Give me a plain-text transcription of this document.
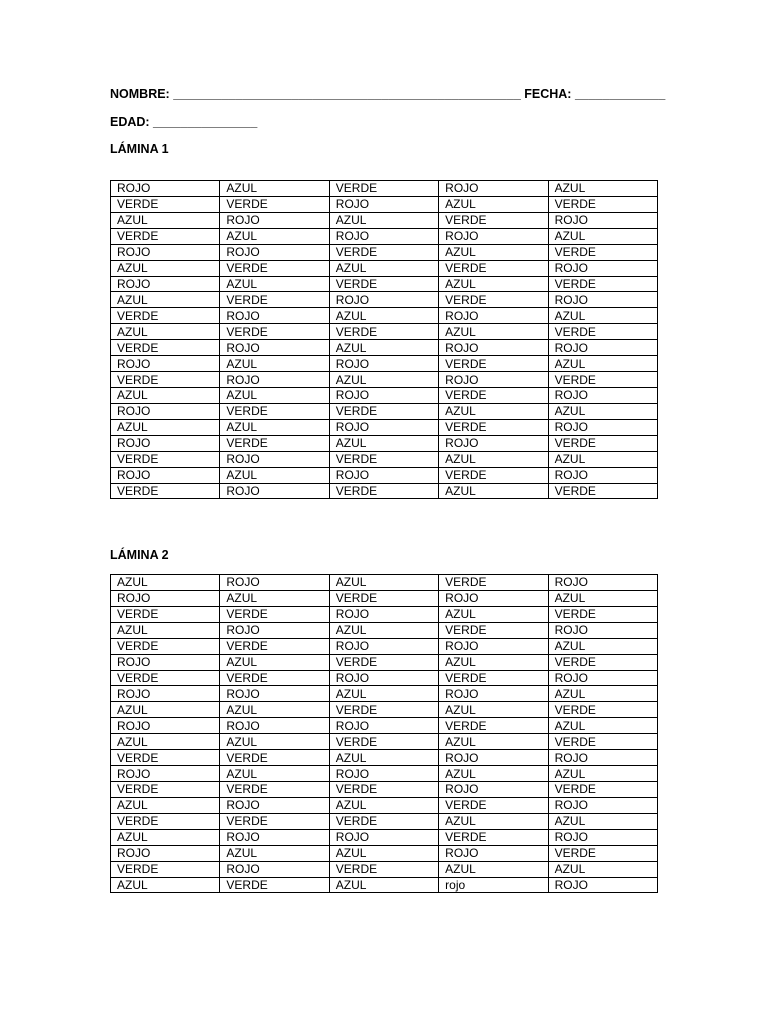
NOMBRE: __________________________________________________ FECHA: _____________
EDAD: _______________
LÁMINA 1
ROJO	AZUL	VERDE	ROJO	AZUL
VERDE	VERDE	ROJO	AZUL	VERDE
AZUL	ROJO	AZUL	VERDE	ROJO
VERDE	AZUL	ROJO	ROJO	AZUL
ROJO	ROJO	VERDE	AZUL	VERDE
AZUL	VERDE	AZUL	VERDE	ROJO
ROJO	AZUL	VERDE	AZUL	VERDE
AZUL	VERDE	ROJO	VERDE	ROJO
VERDE	ROJO	AZUL	ROJO	AZUL
AZUL	VERDE	VERDE	AZUL	VERDE
VERDE	ROJO	AZUL	ROJO	ROJO
ROJO	AZUL	ROJO	VERDE	AZUL
VERDE	ROJO	AZUL	ROJO	VERDE
AZUL	AZUL	ROJO	VERDE	ROJO
ROJO	VERDE	VERDE	AZUL	AZUL
AZUL	AZUL	ROJO	VERDE	ROJO
ROJO	VERDE	AZUL	ROJO	VERDE
VERDE	ROJO	VERDE	AZUL	AZUL
ROJO	AZUL	ROJO	VERDE	ROJO
VERDE	ROJO	VERDE	AZUL	VERDE
LÁMINA 2
AZUL	ROJO	AZUL	VERDE	ROJO
ROJO	AZUL	VERDE	ROJO	AZUL
VERDE	VERDE	ROJO	AZUL	VERDE
AZUL	ROJO	AZUL	VERDE	ROJO
VERDE	VERDE	ROJO	ROJO	AZUL
ROJO	AZUL	VERDE	AZUL	VERDE
VERDE	VERDE	ROJO	VERDE	ROJO
ROJO	ROJO	AZUL	ROJO	AZUL
AZUL	AZUL	VERDE	AZUL	VERDE
ROJO	ROJO	ROJO	VERDE	AZUL
AZUL	AZUL	VERDE	AZUL	VERDE
VERDE	VERDE	AZUL	ROJO	ROJO
ROJO	AZUL	ROJO	AZUL	AZUL
VERDE	VERDE	VERDE	ROJO	VERDE
AZUL	ROJO	AZUL	VERDE	ROJO
VERDE	VERDE	VERDE	AZUL	AZUL
AZUL	ROJO	ROJO	VERDE	ROJO
ROJO	AZUL	AZUL	ROJO	VERDE
VERDE	ROJO	VERDE	AZUL	AZUL
AZUL	VERDE	AZUL	rojo	ROJO
